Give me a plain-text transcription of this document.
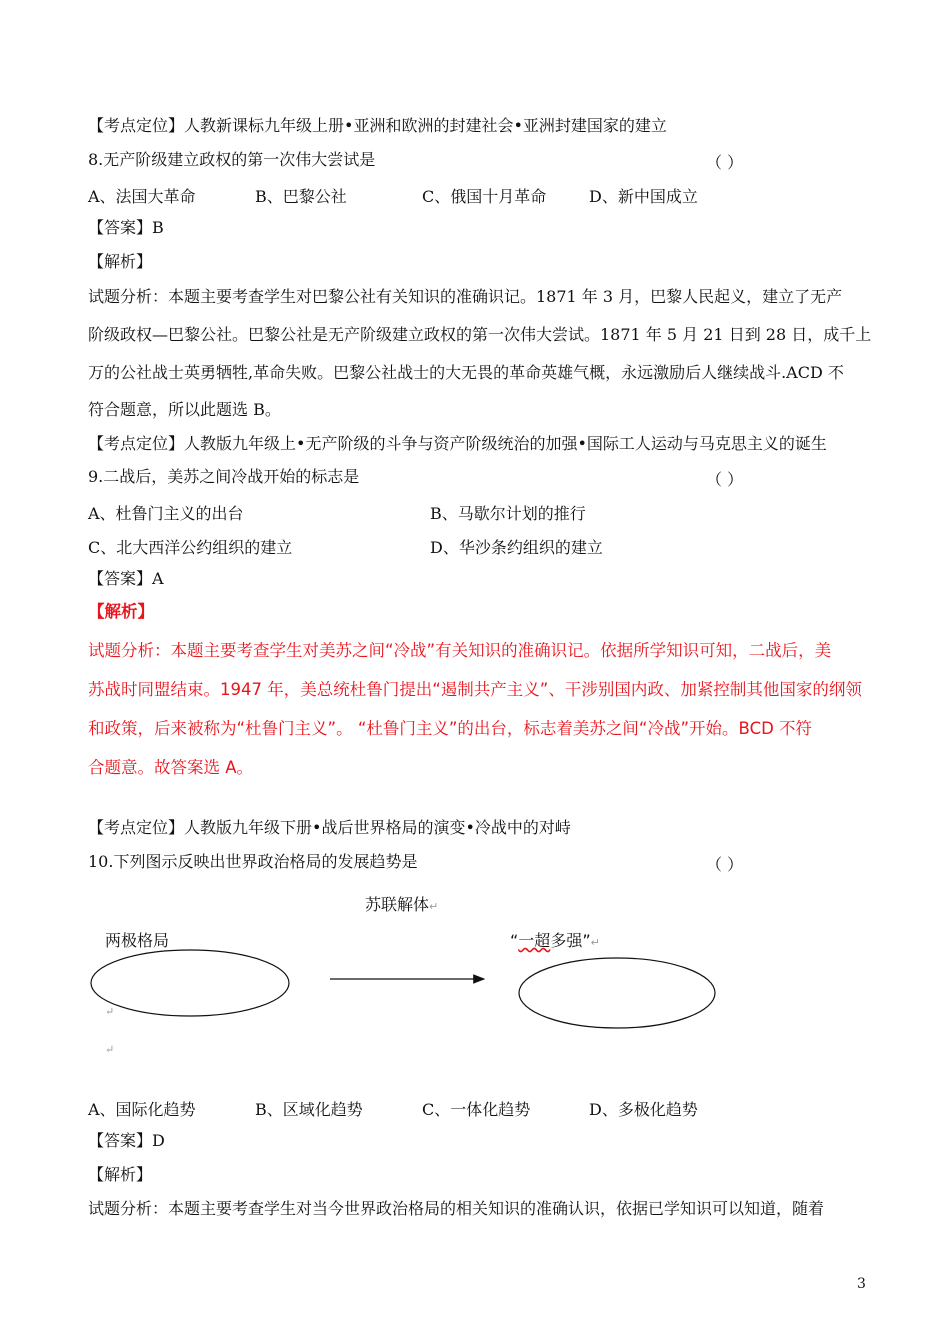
【考点定位】人教新课标九年级上册•亚洲和欧洲的封建社会•亚洲封建国家的建立
8.无产阶级建立政权的第一次伟大尝试是	（ ）
A、法国大革命	B、巴黎公社	C、俄国十月革命	D、新中国成立
【答案】B
【解析】
试题分析：本题主要考查学生对巴黎公社有关知识的准确识记。1871 年 3 月，巴黎人民起义，建立了无产
阶级政权—巴黎公社。巴黎公社是无产阶级建立政权的第一次伟大尝试。1871 年 5 月 21 日到 28 日，成千上
万的公社战士英勇牺牲,革命失败。巴黎公社战士的大无畏的革命英雄气概，永远激励后人继续战斗.ACD 不
符合题意，所以此题选 B。
【考点定位】人教版九年级上•无产阶级的斗争与资产阶级统治的加强•国际工人运动与马克思主义的诞生
9.二战后，美苏之间冷战开始的标志是	（ ）
A、杜鲁门主义的出台	B、马歇尔计划的推行
C、北大西洋公约组织的建立	D、华沙条约组织的建立
【答案】A
【解析】
试题分析：本题主要考查学生对美苏之间“冷战”有关知识的准确识记。依据所学知识可知，二战后，美
苏战时同盟结束。1947 年，美总统杜鲁门提出“遏制共产主义”、干涉别国内政、加紧控制其他国家的纲领
和政策，后来被称为“杜鲁门主义”。 “杜鲁门主义”的出台，标志着美苏之间“冷战”开始。BCD 不符
合题意。故答案选 A。
【考点定位】人教版九年级下册•战后世界格局的演变•冷战中的对峙
10.下列图示反映出世界政治格局的发展趋势是	（ ）
苏联解体↵
两极格局	“一超多强”↵
↵
↵
A、国际化趋势	B、区域化趋势	C、一体化趋势	D、多极化趋势
【答案】D
【解析】
试题分析：本题主要考查学生对当今世界政治格局的相关知识的准确认识，依据已学知识可以知道，随着
3
